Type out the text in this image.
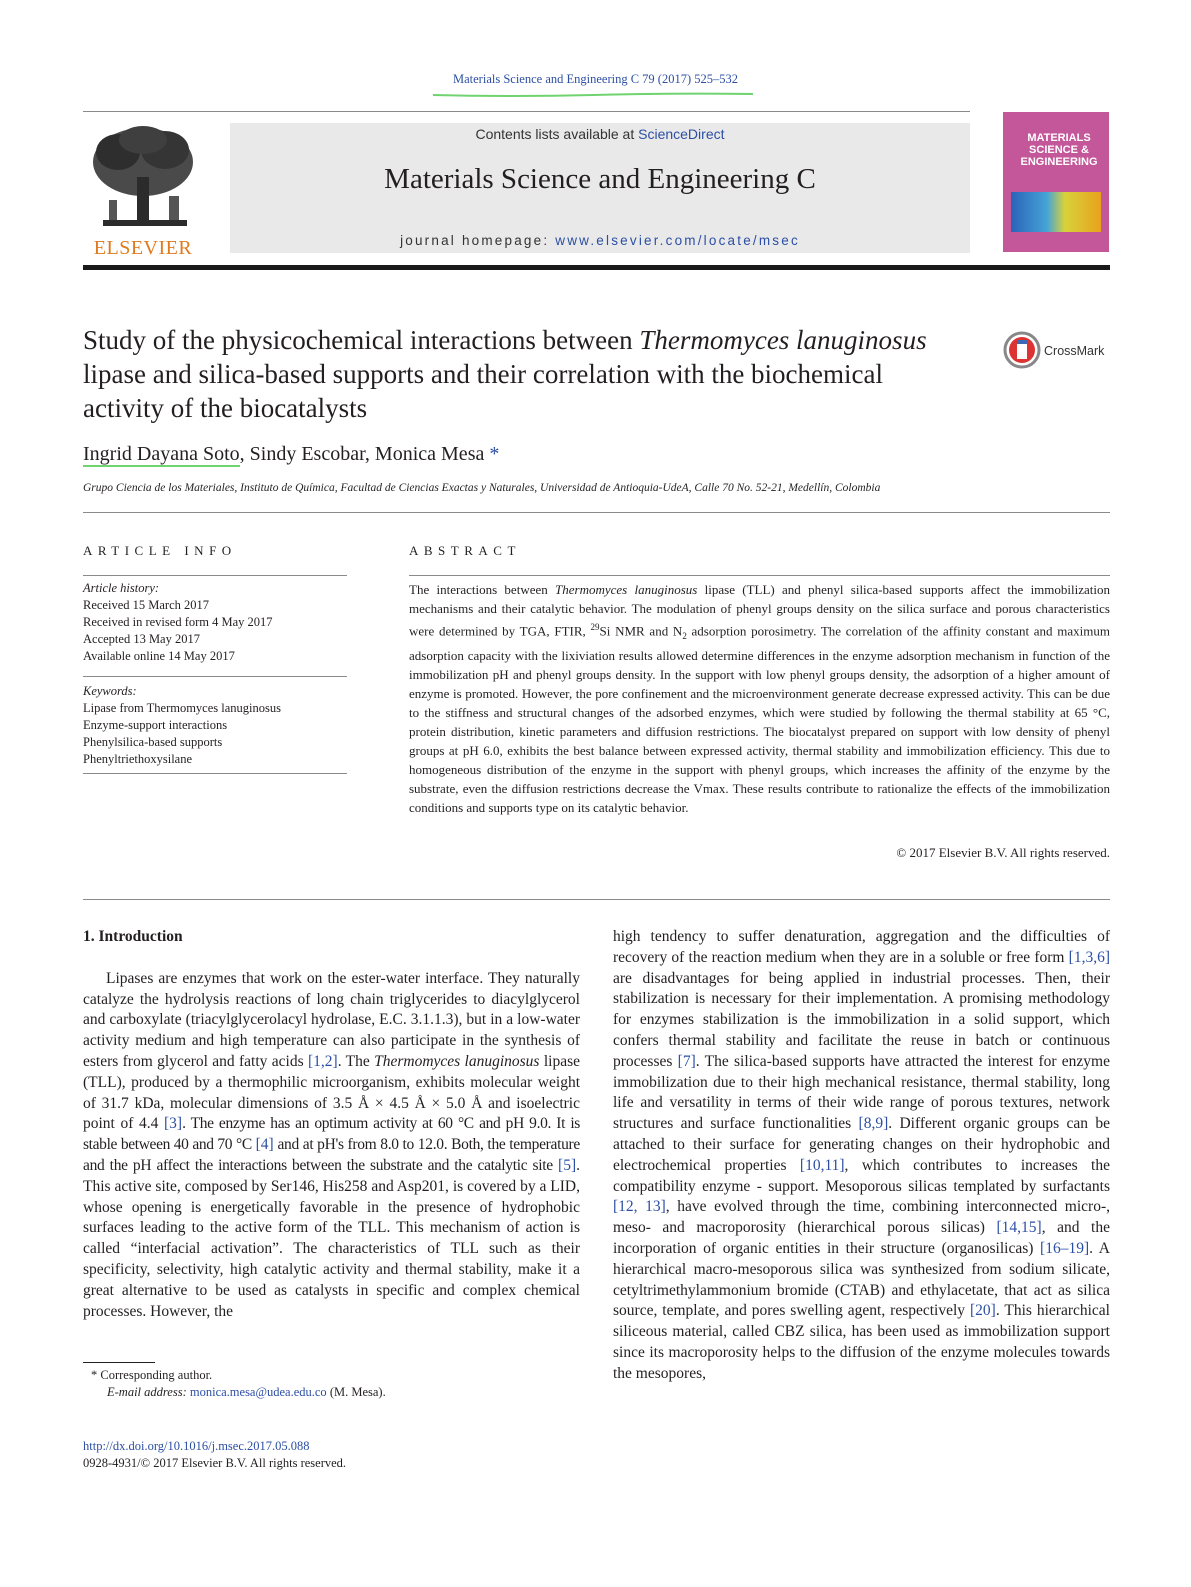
Materials Science and Engineering C 79 (2017) 525–532
ELSEVIER
Contents lists available at ScienceDirect
Materials Science and Engineering C
journal homepage: www.elsevier.com/locate/msec
MATERIALS SCIENCE & ENGINEERING
Study of the physicochemical interactions between Thermomyces lanuginosus lipase and silica-based supports and their correlation with the biochemical activity of the biocatalysts
CrossMark
Ingrid Dayana Soto, Sindy Escobar, Monica Mesa *
Grupo Ciencia de los Materiales, Instituto de Química, Facultad de Ciencias Exactas y Naturales, Universidad de Antioquia-UdeA, Calle 70 No. 52-21, Medellín, Colombia
ARTICLE INFO	ABSTRACT
Article history:
Received 15 March 2017
Received in revised form 4 May 2017
Accepted 13 May 2017
Available online 14 May 2017
Keywords:
Lipase from Thermomyces lanuginosus
Enzyme-support interactions
Phenylsilica-based supports
Phenyltriethoxysilane
The interactions between Thermomyces lanuginosus lipase (TLL) and phenyl silica-based supports affect the immobilization mechanisms and their catalytic behavior. The modulation of phenyl groups density on the silica surface and porous characteristics were determined by TGA, FTIR, $^{29}$Si NMR and $N_2$ adsorption porosimetry. The correlation of the affinity constant and maximum adsorption capacity with the lixiviation results allowed determine differences in the enzyme adsorption mechanism in function of the immobilization pH and phenyl groups density. In the support with low phenyl groups density, the adsorption of a higher amount of enzyme is promoted. However, the pore confinement and the microenvironment generate decrease expressed activity. This can be due to the stiffness and structural changes of the adsorbed enzymes, which were studied by following the thermal stability at 65 °C, protein distribution, kinetic parameters and diffusion restrictions. The biocatalyst prepared on support with low density of phenyl groups at pH 6.0, exhibits the best balance between expressed activity, thermal stability and immobilization efficiency. This due to homogeneous distribution of the enzyme in the support with phenyl groups, which increases the affinity of the enzyme by the substrate, even the diffusion restrictions decrease the Vmax. These results contribute to rationalize the effects of the immobilization conditions and supports type on its catalytic behavior.
© 2017 Elsevier B.V. All rights reserved.
1. Introduction
Lipases are enzymes that work on the ester-water interface. They naturally catalyze the hydrolysis reactions of long chain triglycerides to diacylglycerol and carboxylate (triacylglycerolacyl hydrolase, E.C. 3.1.1.3), but in a low-water activity medium and high temperature can also participate in the synthesis of esters from glycerol and fatty acids [1,2]. The Thermomyces lanuginosus lipase (TLL), produced by a thermophilic microorganism, exhibits molecular weight of 31.7 kDa, molecular dimensions of 3.5 Å × 4.5 Å × 5.0 Å and isoelectric point of 4.4 [3]. The enzyme has an optimum activity at 60 °C and pH 9.0. It is stable between 40 and 70 °C [4] and at pH's from 8.0 to 12.0. Both, the temperature and the pH affect the interactions between the substrate and the catalytic site [5]. This active site, composed by Ser146, His258 and Asp201, is covered by a LID, whose opening is energetically favorable in the presence of hydrophobic surfaces leading to the active form of the TLL. This mechanism of action is called “interfacial activation”. The characteristics of TLL such as their specificity, selectivity, high catalytic activity and thermal stability, make it a great alternative to be used as catalysts in specific and complex chemical processes. However, the
high tendency to suffer denaturation, aggregation and the difficulties of recovery of the reaction medium when they are in a soluble or free form [1,3,6] are disadvantages for being applied in industrial processes. Then, their stabilization is necessary for their implementation. A promising methodology for enzymes stabilization is the immobilization in a solid support, which confers thermal stability and facilitate the reuse in batch or continuous processes [7]. The silica-based supports have attracted the interest for enzyme immobilization due to their high mechanical resistance, thermal stability, long life and versatility in terms of their wide range of porous textures, network structures and surface functionalities [8,9]. Different organic groups can be attached to their surface for generating changes on their hydrophobic and electrochemical properties [10,11], which contributes to increases the compatibility enzyme - support. Mesoporous silicas templated by surfactants [12, 13], have evolved through the time, combining interconnected micro-, meso- and macroporosity (hierarchical porous silicas) [14,15], and the incorporation of organic entities in their structure (organosilicas) [16–19]. A hierarchical macro-mesoporous silica was synthesized from sodium silicate, cetyltrimethylammonium bromide (CTAB) and ethylacetate, that act as silica source, template, and pores swelling agent, respectively [20]. This hierarchical siliceous material, called CBZ silica, has been used as immobilization support since its macroporosity helps to the diffusion of the enzyme molecules towards the mesopores,
* Corresponding author.
E-mail address: monica.mesa@udea.edu.co (M. Mesa).
http://dx.doi.org/10.1016/j.msec.2017.05.088
0928-4931/© 2017 Elsevier B.V. All rights reserved.
